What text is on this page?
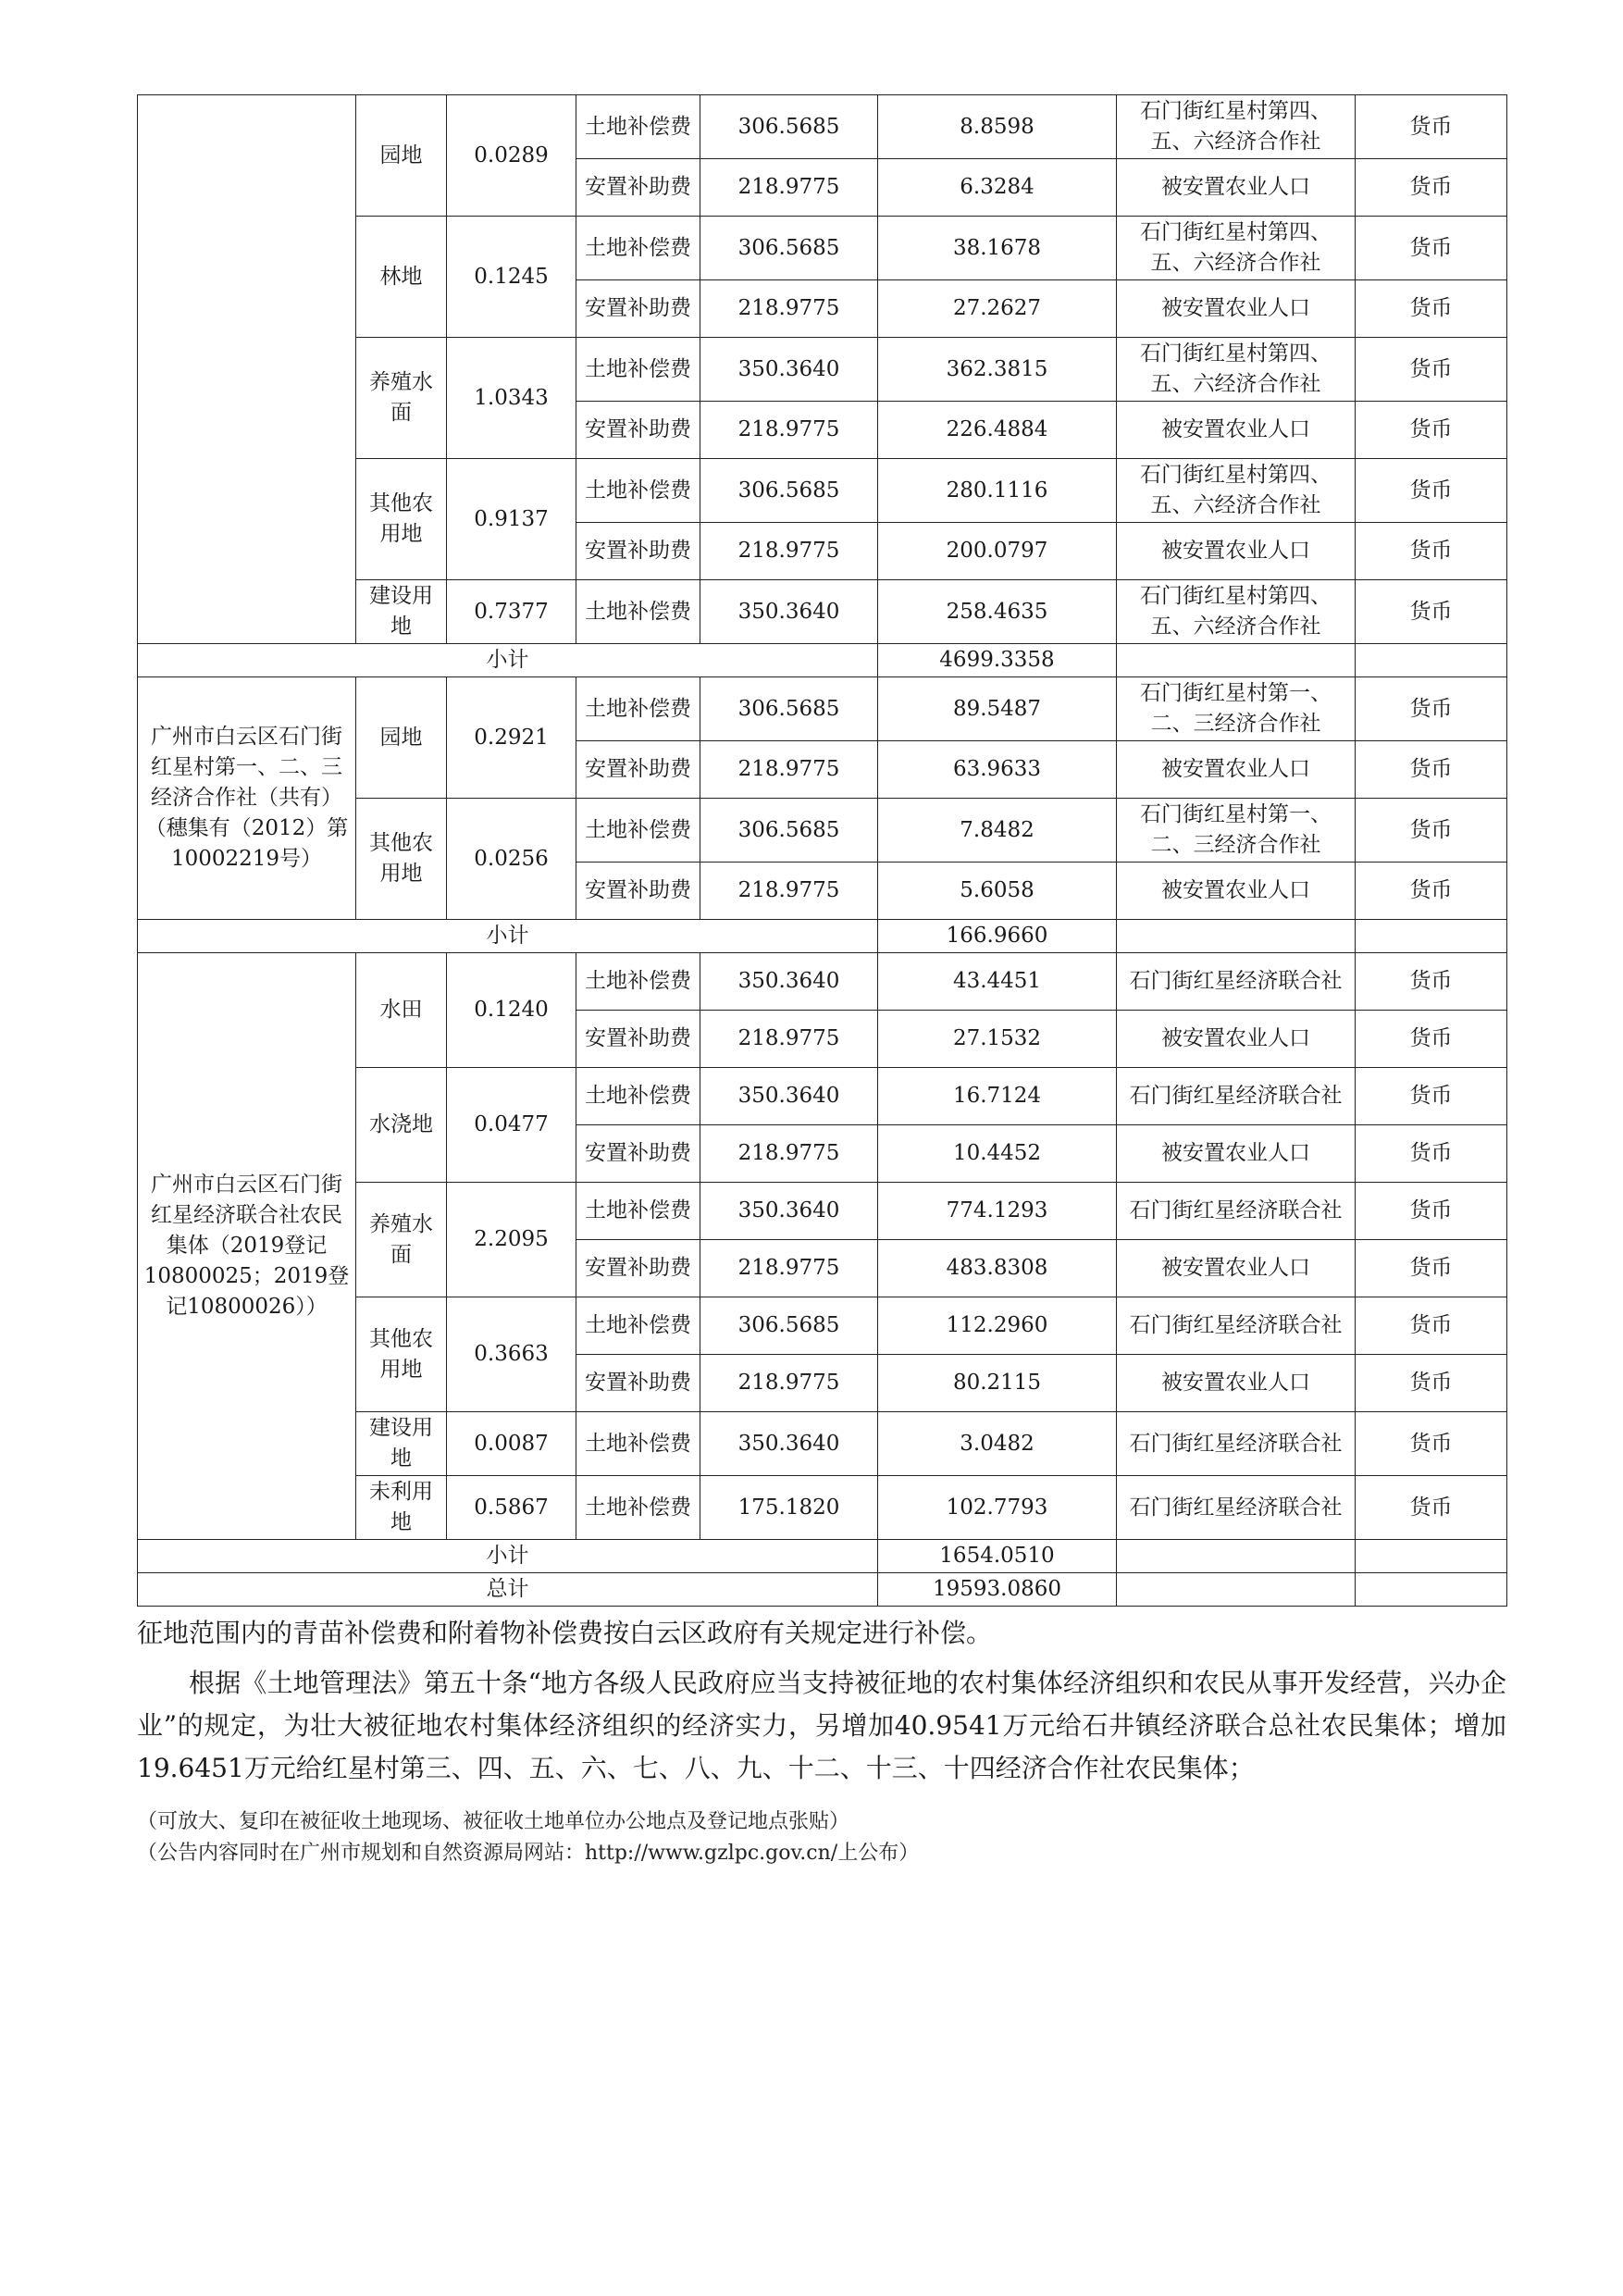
	园地	0.0289	土地补偿费	306.5685	8.8598	石门街红星村第四、五、六经济合作社	货币
			安置补助费	218.9775	6.3284	被安置农业人口	货币
	林地	0.1245	土地补偿费	306.5685	38.1678	石门街红星村第四、五、六经济合作社	货币
			安置补助费	218.9775	27.2627	被安置农业人口	货币
	养殖水面	1.0343	土地补偿费	350.3640	362.3815	石门街红星村第四、五、六经济合作社	货币
			安置补助费	218.9775	226.4884	被安置农业人口	货币
	其他农用地	0.9137	土地补偿费	306.5685	280.1116	石门街红星村第四、五、六经济合作社	货币
			安置补助费	218.9775	200.0797	被安置农业人口	货币
	建设用地	0.7377	土地补偿费	350.3640	258.4635	石门街红星村第四、五、六经济合作社	货币
小计					4699.3358		
广州市白云区石门街红星村第一、二、三经济合作社（共有）（穗集有（2012）第10002219号）	园地	0.2921	土地补偿费	306.5685	89.5487	石门街红星村第一、二、三经济合作社	货币
			安置补助费	218.9775	63.9633	被安置农业人口	货币
	其他农用地	0.0256	土地补偿费	306.5685	7.8482	石门街红星村第一、二、三经济合作社	货币
			安置补助费	218.9775	5.6058	被安置农业人口	货币
小计					166.9660		
广州市白云区石门街红星经济联合社农民集体（2019登记10800025；2019登记10800026））	水田	0.1240	土地补偿费	350.3640	43.4451	石门街红星经济联合社	货币
			安置补助费	218.9775	27.1532	被安置农业人口	货币
	水浇地	0.0477	土地补偿费	350.3640	16.7124	石门街红星经济联合社	货币
			安置补助费	218.9775	10.4452	被安置农业人口	货币
	养殖水面	2.2095	土地补偿费	350.3640	774.1293	石门街红星经济联合社	货币
			安置补助费	218.9775	483.8308	被安置农业人口	货币
	其他农用地	0.3663	土地补偿费	306.5685	112.2960	石门街红星经济联合社	货币
			安置补助费	218.9775	80.2115	被安置农业人口	货币
	建设用地	0.0087	土地补偿费	350.3640	3.0482	石门街红星经济联合社	货币
	未利用地	0.5867	土地补偿费	175.1820	102.7793	石门街红星经济联合社	货币
小计					1654.0510		
总计					19593.0860		

征地范围内的青苗补偿费和附着物补偿费按白云区政府有关规定进行补偿。

根据《土地管理法》第五十条“地方各级人民政府应当支持被征地的农村集体经济组织和农民从事开发经营，兴办企业”的规定，为壮大被征地农村集体经济组织的经济实力，另增加40.9541万元给石井镇经济联合总社农民集体；增加19.6451万元给红星村第三、四、五、六、七、八、九、十二、十三、十四经济合作社农民集体；

（可放大、复印在被征收土地现场、被征收土地单位办公地点及登记地点张贴）

（公告内容同时在广州市规划和自然资源局网站：http://www.gzlpc.gov.cn/上公布）
